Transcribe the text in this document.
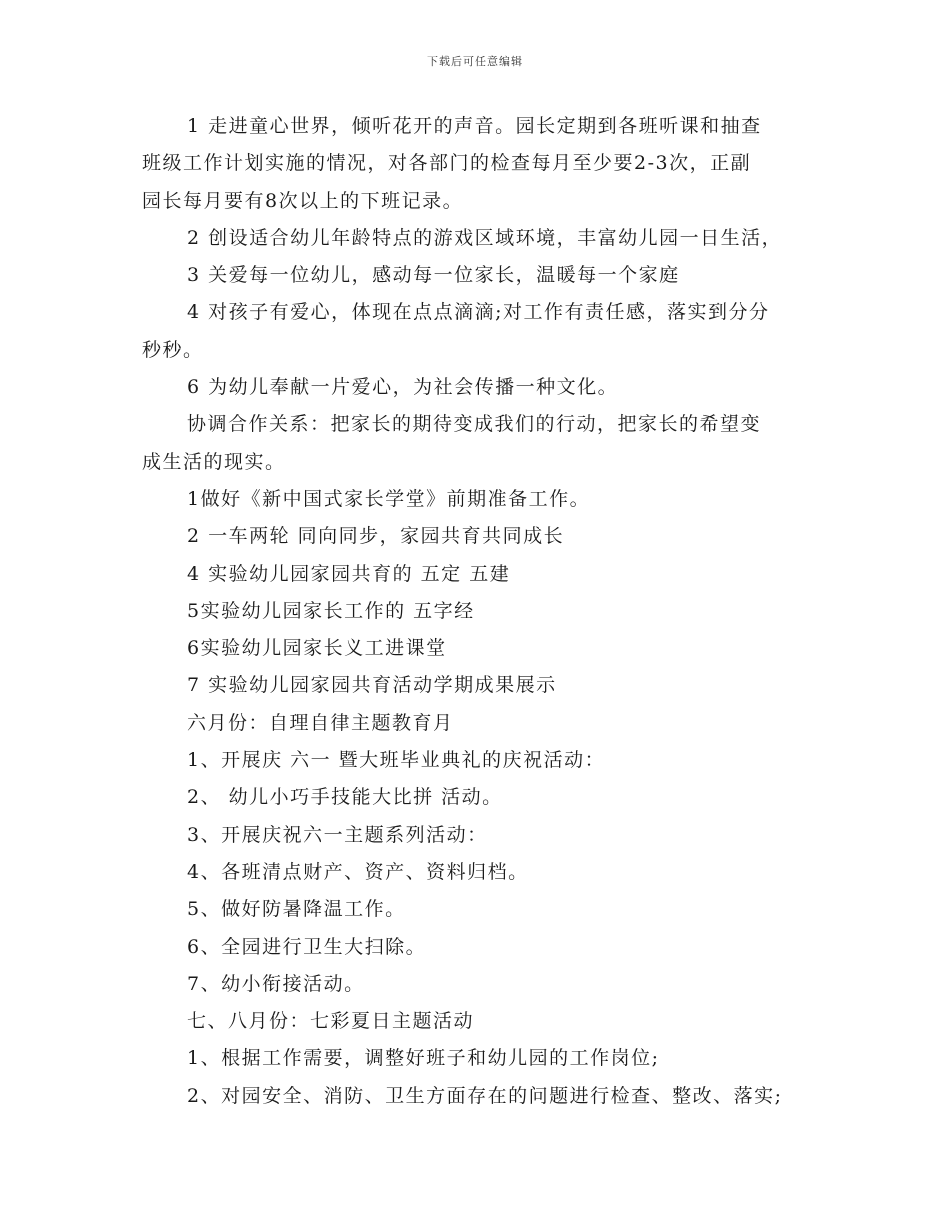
下载后可任意编辑
1 走进童心世界，倾听花开的声音。园长定期到各班听课和抽查
班级工作计划实施的情况，对各部门的检查每月至少要2-3次，正副
园长每月要有8次以上的下班记录。
2 创设适合幼儿年龄特点的游戏区域环境，丰富幼儿园一日生活，
3 关爱每一位幼儿，感动每一位家长，温暖每一个家庭
4 对孩子有爱心，体现在点点滴滴;对工作有责任感，落实到分分
秒秒。
6 为幼儿奉献一片爱心，为社会传播一种文化。
协调合作关系：把家长的期待变成我们的行动，把家长的希望变
成生活的现实。
1做好《新中国式家长学堂》前期准备工作。
2 一车两轮 同向同步，家园共育共同成长
4 实验幼儿园家园共育的 五定 五建
5实验幼儿园家长工作的 五字经
6实验幼儿园家长义工进课堂
7 实验幼儿园家园共育活动学期成果展示
六月份：自理自律主题教育月
1、开展庆 六一 暨大班毕业典礼的庆祝活动：
2、 幼儿小巧手技能大比拼 活动。
3、开展庆祝六一主题系列活动：
4、各班清点财产、资产、资料归档。
5、做好防暑降温工作。
6、全园进行卫生大扫除。
7、幼小衔接活动。
七、八月份：七彩夏日主题活动
1、根据工作需要，调整好班子和幼儿园的工作岗位;
2、对园安全、消防、卫生方面存在的问题进行检查、整改、落实;
